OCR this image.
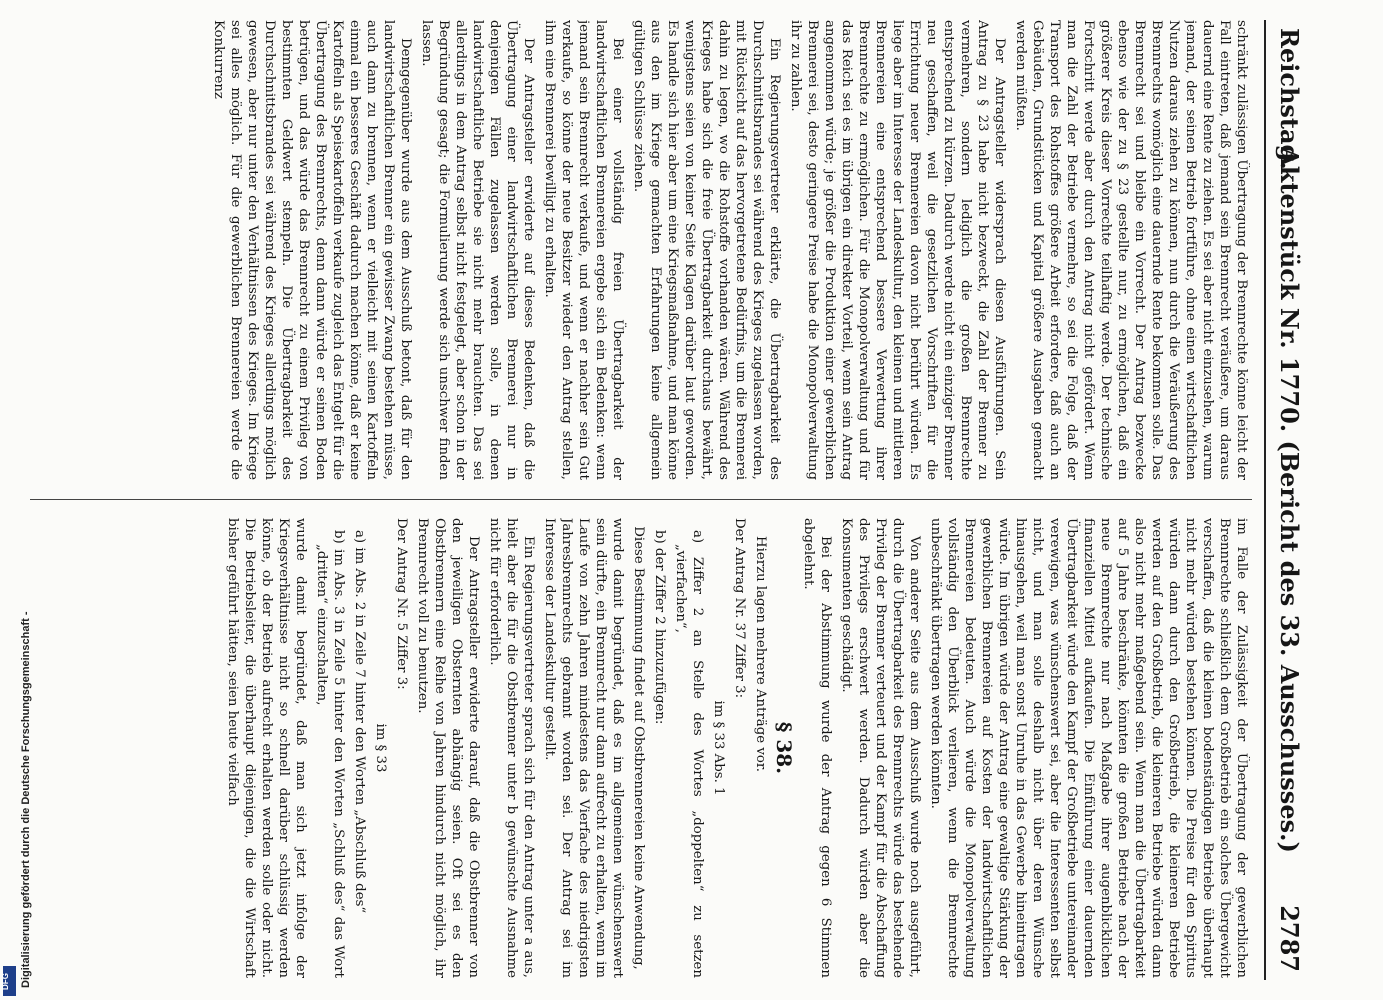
Reichstag.
Aktenstück Nr. 1770. (Bericht des 33. Ausschusses.)
2787

schränkt zulässigen Übertragung der Brennrechte könne leicht der Fall eintreten, daß jemand sein Brennrecht veräußere, um daraus dauernd eine Rente zu ziehen. Es sei aber nicht einzusehen, warum jemand, der seinen Betrieb fortführe, ohne einen wirtschaftlichen Nutzen daraus ziehen zu können, nun durch die Veräußerung des Brennrechts womöglich eine dauernde Rente bekommen solle. Das Brennrecht sei und bleibe ein Vorrecht. Der Antrag bezwecke ebenso wie der zu § 23 gestellte nur, zu ermöglichen, daß ein größerer Kreis dieser Vorrechte teilhaftig werde. Der technische Fortschritt werde aber durch den Antrag nicht gefördert. Wenn man die Zahl der Betriebe vermehre, so sei die Folge, daß der Transport des Rohstoffes größere Arbeit erfordere, daß auch an Gebäuden, Grundstücken und Kapital größere Ausgaben gemacht werden müßten.

Der Antragsteller widersprach diesen Ausführungen. Sein Antrag zu § 23 habe nicht bezweckt, die Zahl der Brenner zu vermehren, sondern lediglich die großen Brennrechte entsprechend zu kürzen. Dadurch werde nicht ein einziger Brenner neu geschaffen, weil die gesetzlichen Vorschriften für die Errichtung neuer Brennereien davon nicht berührt würden. Es liege aber im Interesse der Landeskultur, den kleinen und mittleren Brennereien eine entsprechend bessere Verwertung ihrer Brennrechte zu ermöglichen. Für die Monopolverwaltung und für das Reich sei es im übrigen ein direkter Vorteil, wenn sein Antrag angenommen würde; je größer die Produktion einer gewerblichen Brennerei sei, desto geringere Preise habe die Monopolverwaltung ihr zu zahlen.

Ein Regierungsvertreter erklärte, die Übertragbarkeit des Durchschnittsbrandes sei während des Krieges zugelassen worden, mit Rücksicht auf das hervorgetretene Bedürfnis, um die Brennerei dahin zu legen, wo die Rohstoffe vorhanden wären. Während des Krieges habe sich die freie Übertragbarkeit durchaus bewährt, wenigstens seien von keiner Seite Klagen darüber laut geworden. Es handle sich hier aber um eine Kriegsmaßnahme, und man könne aus den im Kriege gemachten Erfahrungen keine allgemein gültigen Schlüsse ziehen.

Bei einer vollständig freien Übertragbarkeit der landwirtschaftlichen Brennereien ergebe sich ein Bedenken: wenn jemand sein Brennrecht verkaufe, und wenn er nachher sein Gut verkaufe, so könne der neue Besitzer wieder den Antrag stellen, ihm eine Brennerei bewilligt zu erhalten.

Der Antragsteller erwiderte auf dieses Bedenken, daß die Übertragung einer landwirtschaftlichen Brennerei nur in denjenigen Fällen zugelassen werden solle, in denen landwirtschaftliche Betriebe sie nicht mehr brauchten. Das sei allerdings in dem Antrag selbst nicht festgelegt, aber schon in der Begründung gesagt; die Formulierung werde sich unschwer finden lassen.

Demgegenüber wurde aus dem Ausschuß betont, daß für den landwirtschaftlichen Brenner ein gewisser Zwang bestehen müsse, auch dann zu brennen, wenn er vielleicht mit seinen Kartoffeln einmal ein besseres Geschäft dadurch machen könne, daß er keine Kartoffeln als Speisekartoffeln verkaufe zugleich das Entgelt für die Übertragung des Brennrechts, denn dann würde er seinen Boden betrügen, und das würde das Brennrecht zu einem Privileg von bestimmten Geldwert stempeln. Die Übertragbarkeit des Durchschnittsbrandes sei während des Krieges allerdings möglich gewesen, aber nur unter den Verhältnissen des Krieges. Im Kriege sei alles möglich. Für die gewerblichen Brennereien werde die Konkurrenz

im Falle der Zulässigkeit der Übertragung der gewerblichen Brennrechte schließlich dem Großbetrieb ein solches Übergewicht verschaffen, daß die kleinen bodenständigen Betriebe überhaupt nicht mehr würden bestehen können. Die Preise für den Spiritus würden dann durch den Großbetrieb, die kleineren Betriebe werden auf den Großbetrieb, die kleineren Betriebe würden dann also nicht mehr maßgebend sein. Wenn man die Übertragbarkeit auf 5 Jahre beschränke, könnten die großen Betriebe nach der neue Brennrechte nur nach Maßgabe ihrer augenblicklichen finanziellen Mittel aufkaufen. Die Einführung einer dauernden Übertragbarkeit würde den Kampf der Großbetriebe untereinander verewigen, was wünschenswert sei, aber die Interessenten selbst nicht, und man solle deshalb nicht über deren Wünsche hinausgehen, weil man sonst Unruhe in das Gewerbe hineintragen würde. Im übrigen würde der Antrag eine gewaltige Stärkung der gewerblichen Brennereien auf Kosten der landwirtschaftlichen Brennereien bedeuten. Auch würde die Monopolverwaltung vollständig den Überblick verlieren, wenn die Brennrechte unbeschränkt übertragen werden könnten.

Von anderer Seite aus dem Ausschuß wurde noch ausgeführt, durch die Übertragbarkeit des Brennrechts würde das bestehende Privileg der Brenner verteuert und der Kampf für die Abschaffung des Privilegs erschwert werden. Dadurch würden aber die Konsumenten geschädigt.

Bei der Abstimmung wurde der Antrag gegen 6 Stimmen abgelehnt.

§ 38.

Hierzu lagen mehrere Anträge vor.

Der Antrag Nr. 37 Ziffer 3:

im § 33 Abs. 1

a) Ziffer 2 an Stelle des Wortes „doppelten“ zu setzen „vierfachen“,

b) der Ziffer 2 hinzuzufügen:

Diese Bestimmung findet auf Obstbrennereien keine Anwendung,

wurde damit begründet, daß es im allgemeinen wünschenswert sein dürfte, ein Brennrecht nur dann aufrecht zu erhalten, wenn im Laufe von zehn Jahren mindestens das Vierfache des niedrigsten Jahresbrennrechts gebrannt worden sei. Der Antrag sei im Interesse der Landeskultur gestellt.

Ein Regierungsvertreter sprach sich für den Antrag unter a aus, hielt aber die für die Obstbrenner unter b gewünschte Ausnahme nicht für erforderlich.

Der Antragsteller erwiderte darauf, daß die Obstbrenner von den jeweiligen Obsternten abhängig seien. Oft sei es den Obstbrennern eine Reihe von Jahren hindurch nicht möglich, ihr Brennrecht voll zu benutzen.

Der Antrag Nr. 5 Ziffer 3:

im § 33

a) im Abs. 2 in Zeile 7 hinter den Worten „Abschluß des“

b) im Abs. 3 in Zeile 5 hinter den Worten „Schluß des“ das Wort „dritten“ einzuschalten,

wurde damit begründet, daß man sich jetzt infolge der Kriegsverhältnisse nicht so schnell darüber schlüssig werden könne, ob der Betrieb aufrecht erhalten werden solle oder nicht. Die Betriebsleiter, die überhaupt diejenigen, die die Wirtschaft bisher geführt hätten, seien heute vielfach

Digitalisierung gefördert durch die Deutsche Forschungsgemeinschaft -
DFG
